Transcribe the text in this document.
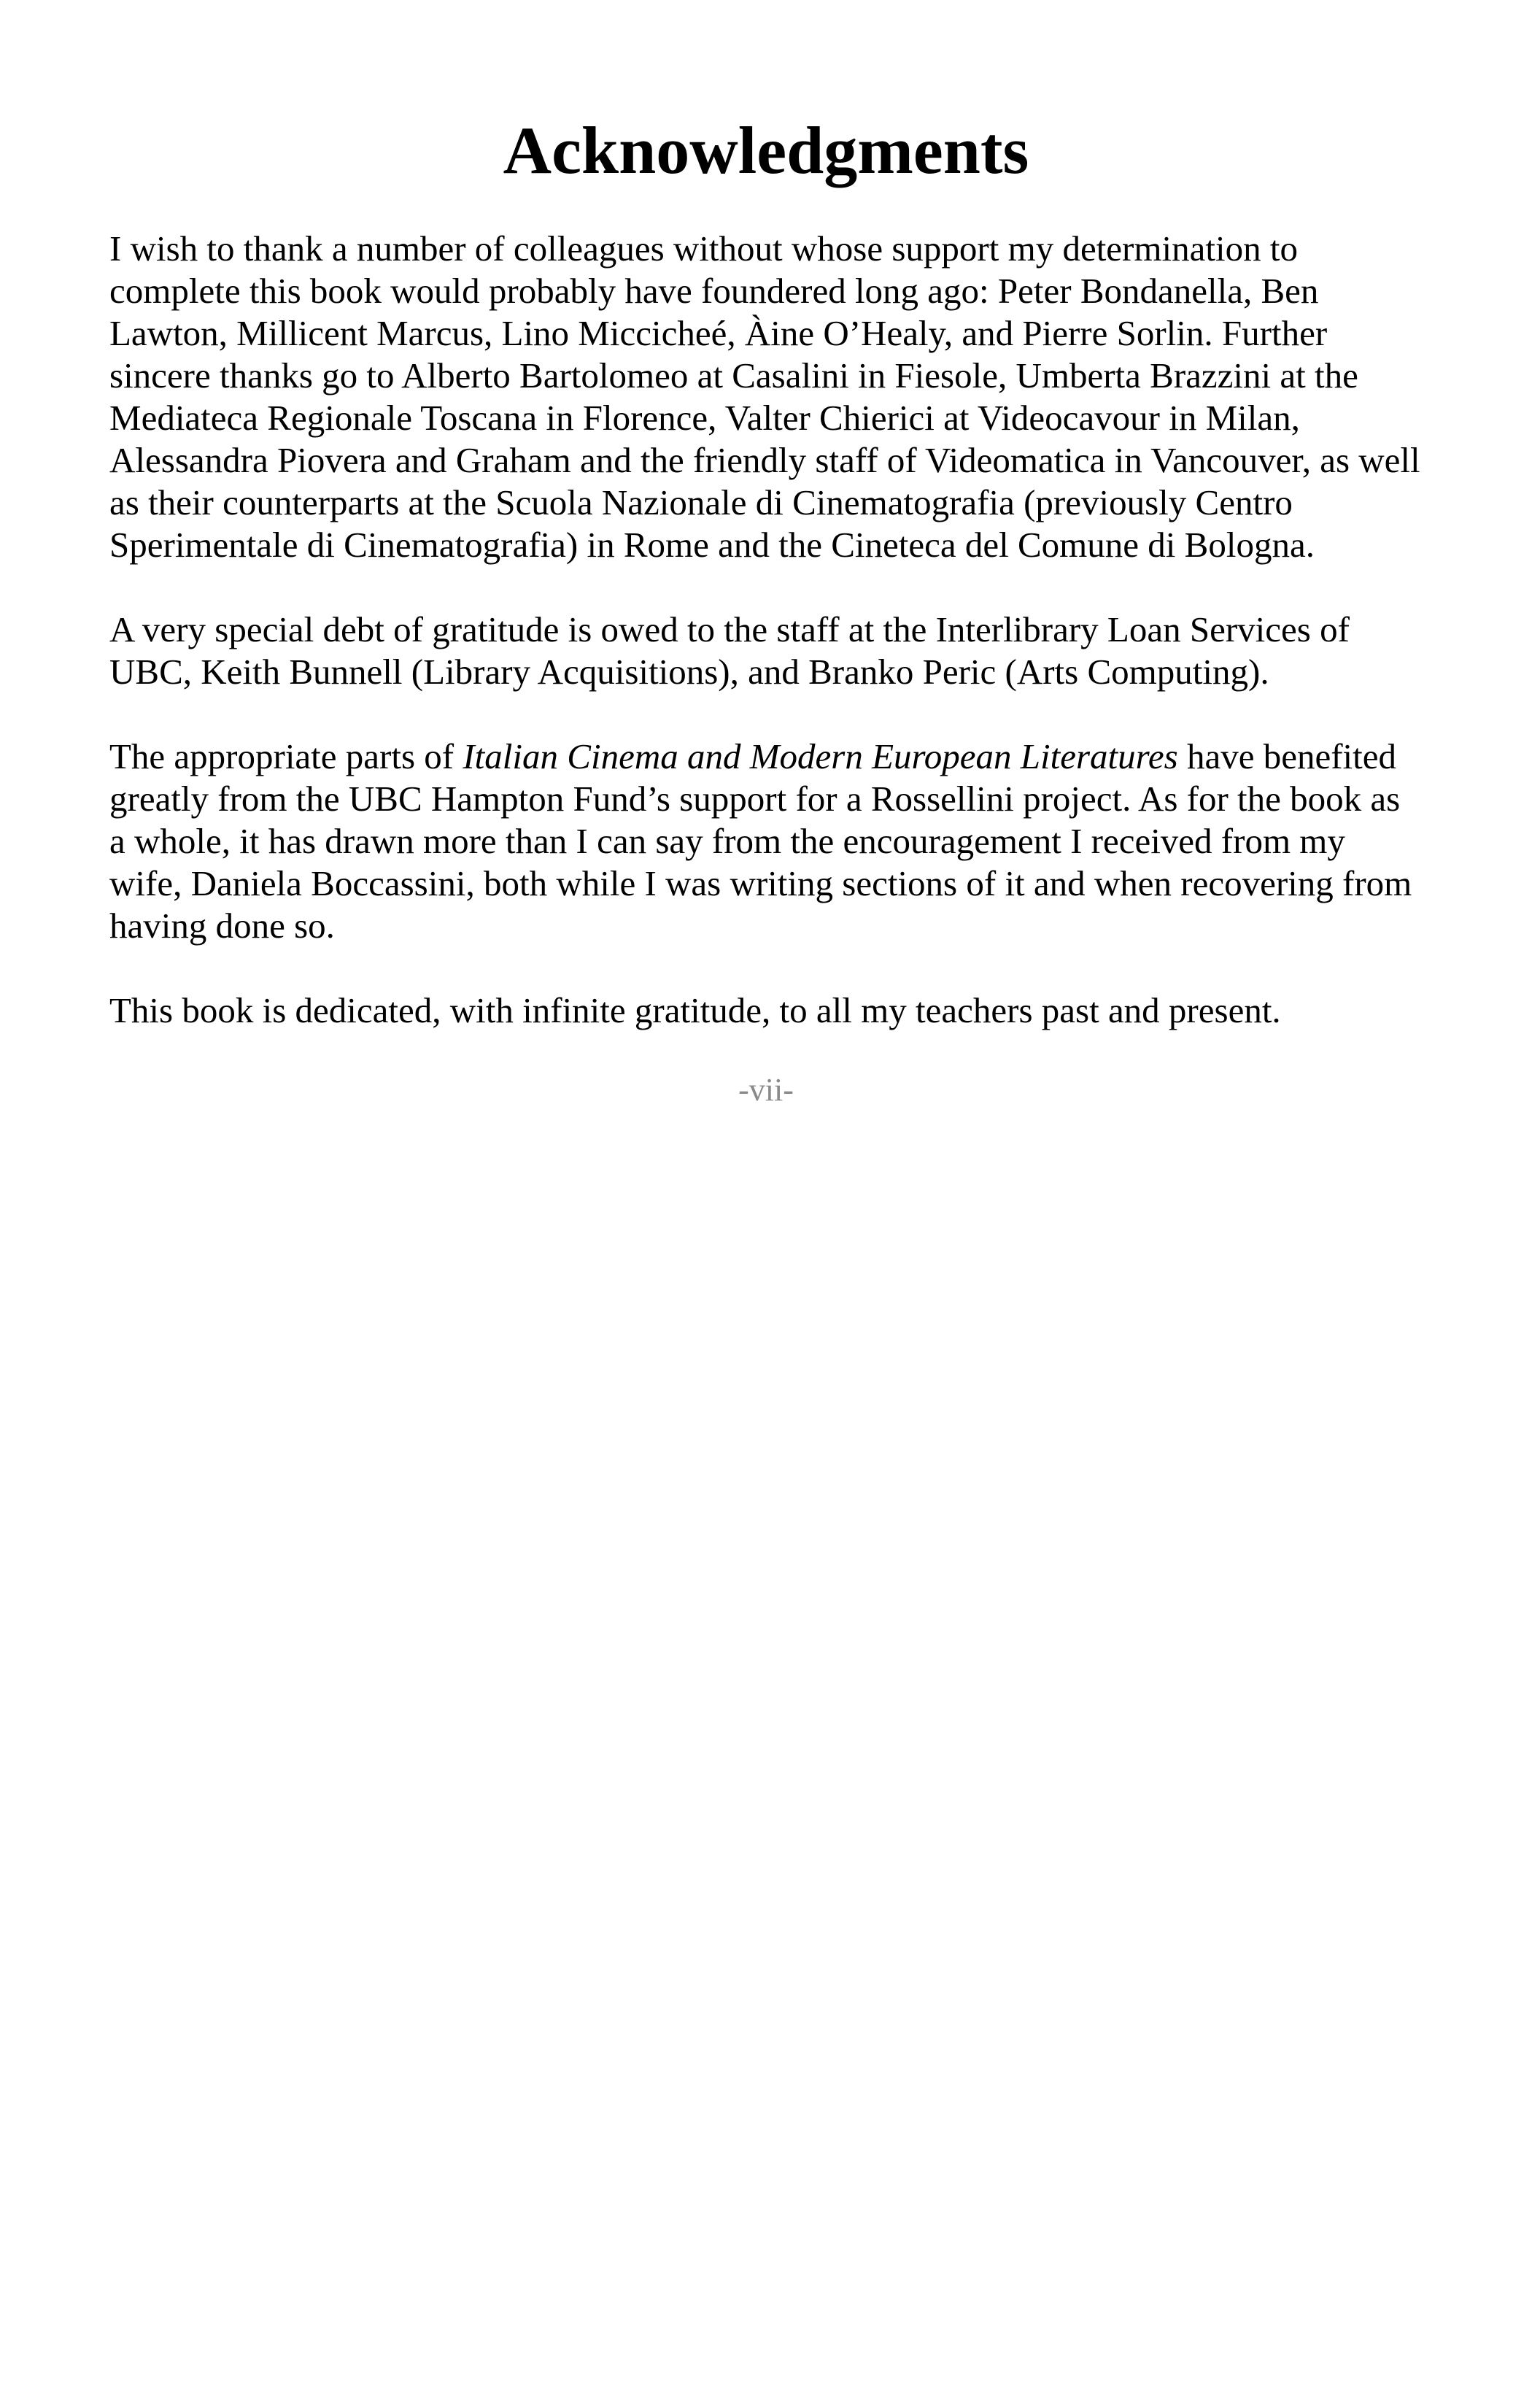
Acknowledgments

I wish to thank a number of colleagues without whose support my determination to complete this book would probably have foundered long ago: Peter Bondanella, Ben Lawton, Millicent Marcus, Lino Miccicheé, Àine O’Healy, and Pierre Sorlin. Further sincere thanks go to Alberto Bartolomeo at Casalini in Fiesole, Umberta Brazzini at the Mediateca Regionale Toscana in Florence, Valter Chierici at Videocavour in Milan, Alessandra Piovera and Graham and the friendly staff of Videomatica in Vancouver, as well as their counterparts at the Scuola Nazionale di Cinematografia (previously Centro Sperimentale di Cinematografia) in Rome and the Cineteca del Comune di Bologna.

A very special debt of gratitude is owed to the staff at the Interlibrary Loan Services of UBC, Keith Bunnell (Library Acquisitions), and Branko Peric (Arts Computing).

The appropriate parts of Italian Cinema and Modern European Literatures have benefited greatly from the UBC Hampton Fund’s support for a Rossellini project. As for the book as a whole, it has drawn more than I can say from the encouragement I received from my wife, Daniela Boccassini, both while I was writing sections of it and when recovering from having done so.

This book is dedicated, with infinite gratitude, to all my teachers past and present.

-vii-
